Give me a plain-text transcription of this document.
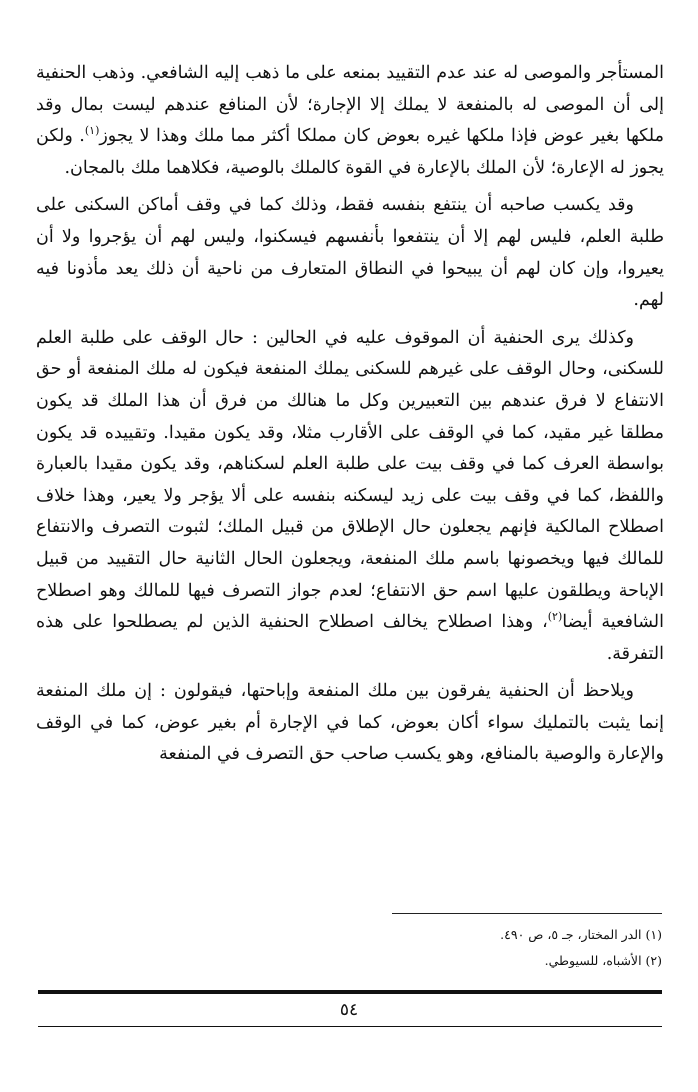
المستأجر والموصى له عند عدم التقييد بمنعه على ما ذهب إليه الشافعي. وذهب الحنفية إلى أن الموصى له بالمنفعة لا يملك إلا الإجارة؛ لأن المنافع عندهم ليست بمال وقد ملكها بغير عوض فإذا ملكها غيره بعوض كان مملكا أكثر مما ملك وهذا لا يجوز$^{(١)}$. ولكن يجوز له الإعارة؛ لأن الملك بالإعارة في القوة كالملك بالوصية، فكلاهما ملك بالمجان.

وقد يكسب صاحبه أن ينتفع بنفسه فقط، وذلك كما في وقف أماكن السكنى على طلبة العلم، فليس لهم إلا أن ينتفعوا بأنفسهم فيسكنوا، وليس لهم أن يؤجروا ولا أن يعيروا، وإن كان لهم أن يبيحوا في النطاق المتعارف من ناحية أن ذلك يعد مأذونا فيه لهم.

وكذلك يرى الحنفية أن الموقوف عليه في الحالين : حال الوقف على طلبة العلم للسكنى، وحال الوقف على غيرهم للسكنى يملك المنفعة فيكون له ملك المنفعة أو حق الانتفاع لا فرق عندهم بين التعبيرين وكل ما هنالك من فرق أن هذا الملك قد يكون مطلقا غير مقيد، كما في الوقف على الأقارب مثلا، وقد يكون مقيدا. وتقييده قد يكون بواسطة العرف كما في وقف بيت على طلبة العلم لسكناهم، وقد يكون مقيدا بالعبارة واللفظ، كما في وقف بيت على زيد ليسكنه بنفسه على ألا يؤجر ولا يعير، وهذا خلاف اصطلاح المالكية فإنهم يجعلون حال الإطلاق من قبيل الملك؛ لثبوت التصرف والانتفاع للمالك فيها ويخصونها باسم ملك المنفعة، ويجعلون الحال الثانية حال التقييد من قبيل الإباحة ويطلقون عليها اسم حق الانتفاع؛ لعدم جواز التصرف فيها للمالك وهو اصطلاح الشافعية أيضا$^{(٢)}$، وهذا اصطلاح يخالف اصطلاح الحنفية الذين لم يصطلحوا على هذه التفرقة.

ويلاحظ أن الحنفية يفرقون بين ملك المنفعة وإباحتها، فيقولون : إن ملك المنفعة إنما يثبت بالتمليك سواء أكان بعوض، كما في الإجارة أم بغير عوض، كما في الوقف والإعارة والوصية بالمنافع، وهو يكسب صاحب حق التصرف في المنفعة

(١) الدر المختار، جـ ٥، ص ٤٩٠.

(٢) الأشباه، للسيوطي.

٥٤
